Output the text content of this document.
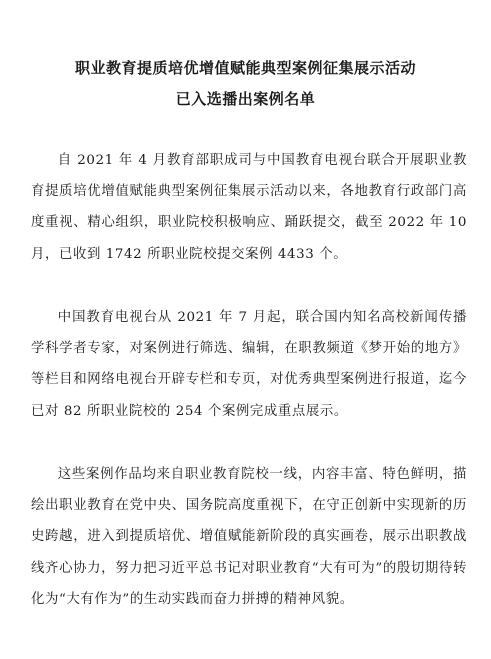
职业教育提质培优增值赋能典型案例征集展示活动
已入选播出案例名单

自 2021 年 4 月教育部职成司与中国教育电视台联合开展职业教育提质培优增值赋能典型案例征集展示活动以来，各地教育行政部门高度重视、精心组织，职业院校积极响应、踊跃提交，截至 2022 年 10 月，已收到 1742 所职业院校提交案例 4433 个。

中国教育电视台从 2021 年 7 月起，联合国内知名高校新闻传播学科学者专家，对案例进行筛选、编辑，在职教频道《梦开始的地方》等栏目和网络电视台开辟专栏和专页，对优秀典型案例进行报道，迄今已对 82 所职业院校的 254 个案例完成重点展示。

这些案例作品均来自职业教育院校一线，内容丰富、特色鲜明，描绘出职业教育在党中央、国务院高度重视下，在守正创新中实现新的历史跨越，进入到提质培优、增值赋能新阶段的真实画卷，展示出职教战线齐心协力，努力把习近平总书记对职业教育“大有可为”的殷切期待转化为“大有作为”的生动实践而奋力拼搏的精神风貌。
